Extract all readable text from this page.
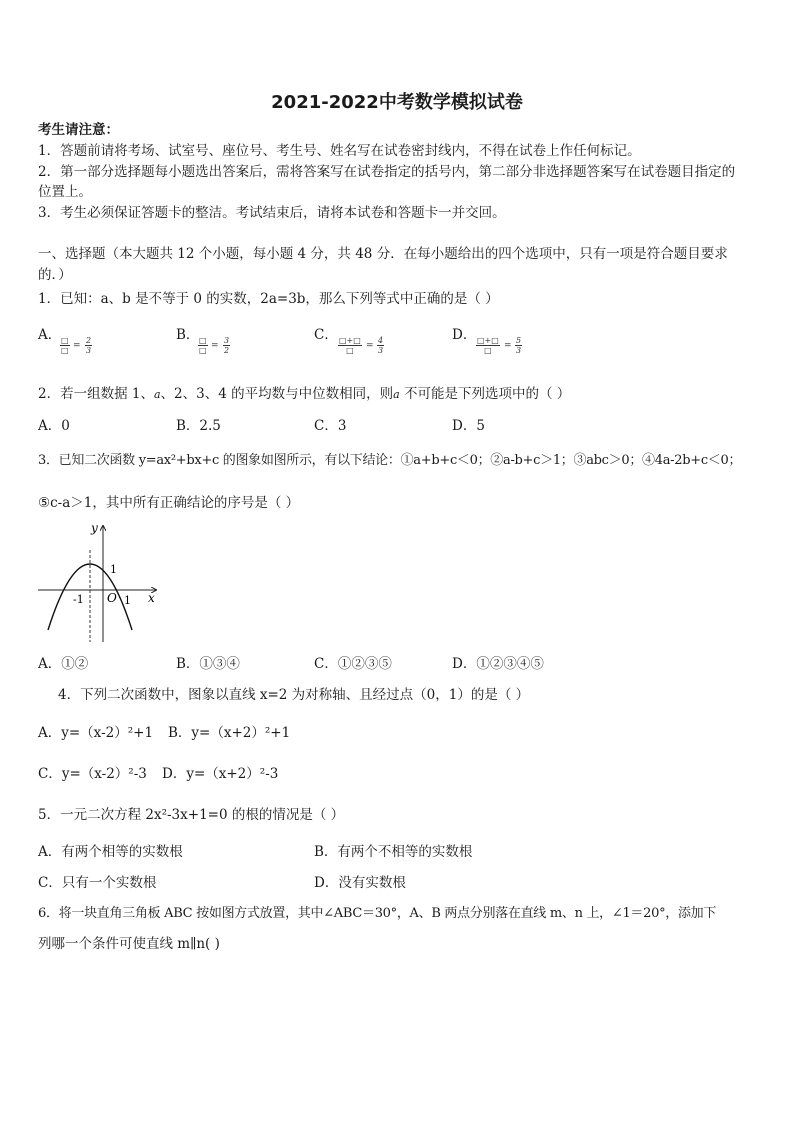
2021-2022中考数学模拟试卷
考生请注意：
1．答题前请将考场、试室号、座位号、考生号、姓名写在试卷密封线内，不得在试卷上作任何标记。
2．第一部分选择题每小题选出答案后，需将答案写在试卷指定的括号内，第二部分非选择题答案写在试卷题目指定的
位置上。
3．考生必须保证答题卡的整洁。考试结束后，请将本试卷和答题卡一并交回。
一、选择题（本大题共 12 个小题，每小题 4 分，共 48 分．在每小题给出的四个选项中，只有一项是符合题目要求
的．）
1．已知：a、b 是不等于 0 的实数，2a=3b，那么下列等式中正确的是（ ）
A． □
□ =
2
3
B． □
□ =
3
2
C． □+□
□	=
4
3
D． □+□
□	=
5
3
2．若一组数据 1、a、2、3、4 的平均数与中位数相同，则a 不可能是下列选项中的（ ）
A．0	B．2.5	C．3	D．5
3．已知二次函数 y=ax²+bx+c 的图象如图所示，有以下结论：①a+b+c＜0；②a-b+c＞1；③abc＞0；④4a-2b+c＜0；
⑤c-a＞1，其中所有正确结论的序号是（ ）
y
x
O
-1	1
1
A．①②	B．①③④	C．①②③⑤	D．①②③④⑤
4．下列二次函数中，图象以直线 x=2 为对称轴、且经过点（0，1）的是（ ）
A．y=（x-2）²+1 B．y=（x+2）²+1
C．y=（x-2）²-3 D．y=（x+2）²-3
5．一元二次方程 2x²-3x+1=0 的根的情况是（ ）
A．有两个相等的实数根	B．有两个不相等的实数根
C．只有一个实数根	D．没有实数根
6．将一块直角三角板 ABC 按如图方式放置，其中∠ABC＝30°，A、B 两点分别落在直线 m、n 上，∠1＝20°，添加下
列哪一个条件可使直线 m∥n( )
